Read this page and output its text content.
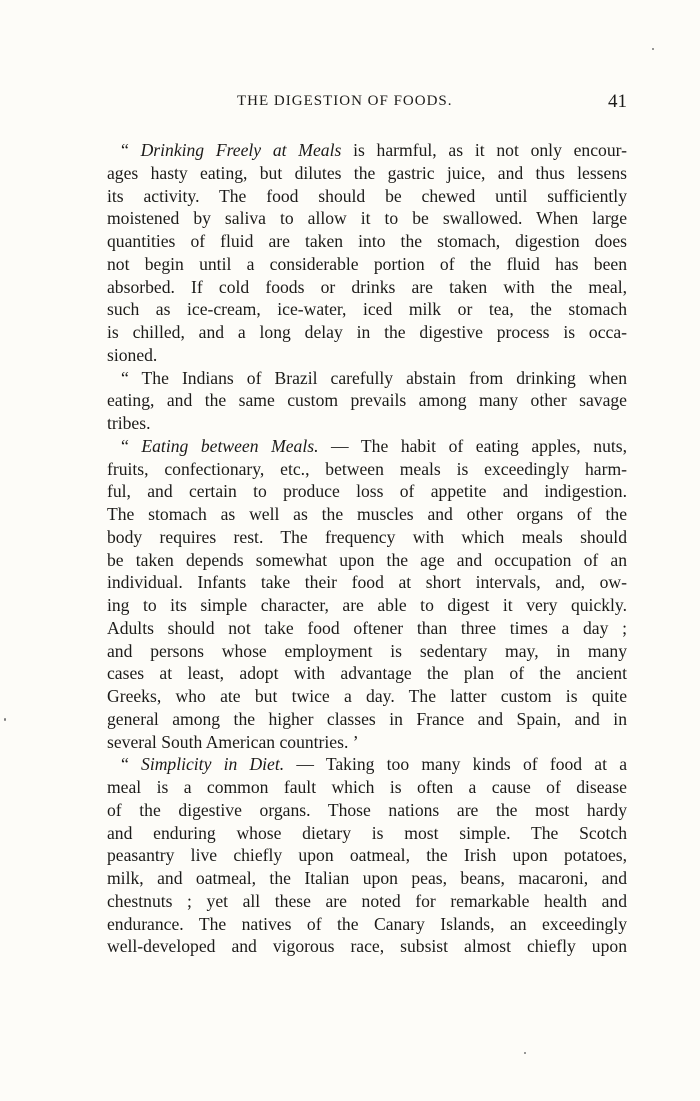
THE DIGESTION OF FOODS.	41
“ Drinking Freely at Meals is harmful, as it not only encour-
ages hasty eating, but dilutes the gastric juice, and thus lessens
its activity. The food should be chewed until sufficiently
moistened by saliva to allow it to be swallowed. When large
quantities of fluid are taken into the stomach, digestion does
not begin until a considerable portion of the fluid has been
absorbed. If cold foods or drinks are taken with the meal,
such as ice-cream, ice-water, iced milk or tea, the stomach
is chilled, and a long delay in the digestive process is occa-
sioned.
“ The Indians of Brazil carefully abstain from drinking when
eating, and the same custom prevails among many other savage
tribes.
“ Eating between Meals. — The habit of eating apples, nuts,
fruits, confectionary, etc., between meals is exceedingly harm-
ful, and certain to produce loss of appetite and indigestion.
The stomach as well as the muscles and other organs of the
body requires rest. The frequency with which meals should
be taken depends somewhat upon the age and occupation of an
individual. Infants take their food at short intervals, and, ow-
ing to its simple character, are able to digest it very quickly.
Adults should not take food oftener than three times a day ;
and persons whose employment is sedentary may, in many
cases at least, adopt with advantage the plan of the ancient
Greeks, who ate but twice a day. The latter custom is quite
general among the higher classes in France and Spain, and in
several South American countries. ’
“ Simplicity in Diet. — Taking too many kinds of food at a
meal is a common fault which is often a cause of disease
of the digestive organs. Those nations are the most hardy
and enduring whose dietary is most simple. The Scotch
peasantry live chiefly upon oatmeal, the Irish upon potatoes,
milk, and oatmeal, the Italian upon peas, beans, macaroni, and
chestnuts ; yet all these are noted for remarkable health and
endurance. The natives of the Canary Islands, an exceedingly
well-developed and vigorous race, subsist almost chiefly upon
